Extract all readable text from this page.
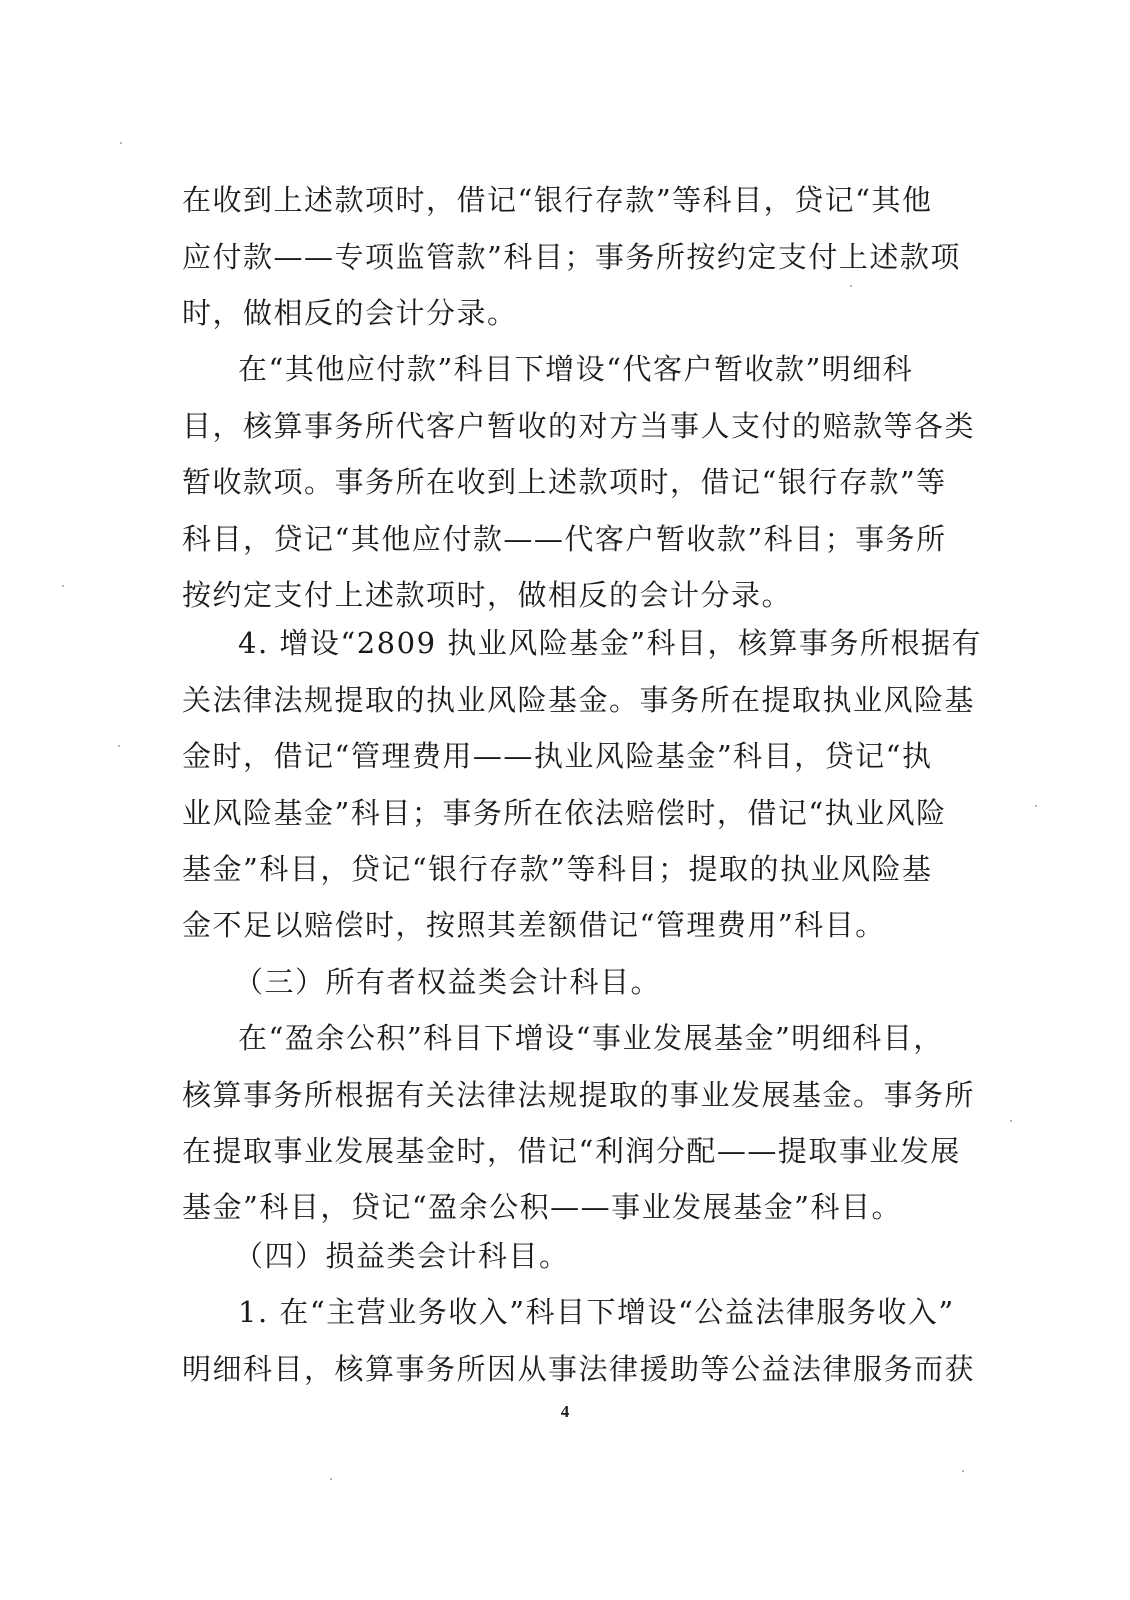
在收到上述款项时，借记“银行存款”等科目，贷记“其他
应付款——专项监管款”科目；事务所按约定支付上述款项
时，做相反的会计分录。
在“其他应付款”科目下增设“代客户暂收款”明细科
目，核算事务所代客户暂收的对方当事人支付的赔款等各类
暂收款项。事务所在收到上述款项时，借记“银行存款”等
科目，贷记“其他应付款——代客户暂收款”科目；事务所
按约定支付上述款项时，做相反的会计分录。
4. 增设“2809 执业风险基金”科目，核算事务所根据有
关法律法规提取的执业风险基金。事务所在提取执业风险基
金时，借记“管理费用——执业风险基金”科目，贷记“执
业风险基金”科目；事务所在依法赔偿时，借记“执业风险
基金”科目，贷记“银行存款”等科目；提取的执业风险基
金不足以赔偿时，按照其差额借记“管理费用”科目。
（三）所有者权益类会计科目。
在“盈余公积”科目下增设“事业发展基金”明细科目，
核算事务所根据有关法律法规提取的事业发展基金。事务所
在提取事业发展基金时，借记“利润分配——提取事业发展
基金”科目，贷记“盈余公积——事业发展基金”科目。
（四）损益类会计科目。
1. 在“主营业务收入”科目下增设“公益法律服务收入”
明细科目，核算事务所因从事法律援助等公益法律服务而获
4
